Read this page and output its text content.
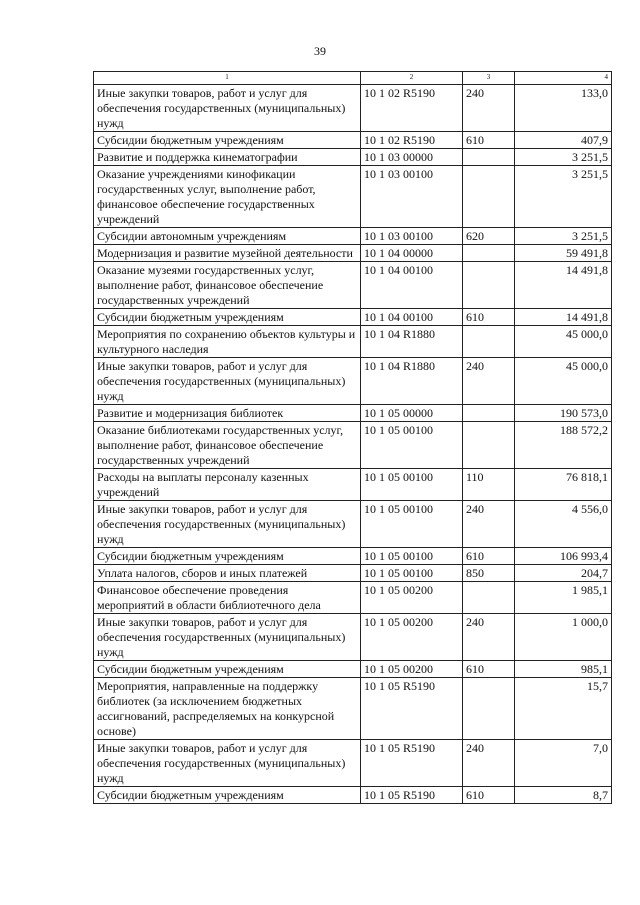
39
1	2	3	4
Иные закупки товаров, работ и услуг для обеспечения государственных (муниципальных) нужд	10 1 02 R5190	240	133,0
Субсидии бюджетным учреждениям	10 1 02 R5190	610	407,9
Развитие и поддержка кинематографии	10 1 03 00000		3 251,5
Оказание учреждениями кинофикации государственных услуг, выполнение работ, финансовое обеспечение государственных учреждений	10 1 03 00100		3 251,5
Субсидии автономным учреждениям	10 1 03 00100	620	3 251,5
Модернизация и развитие музейной деятельности	10 1 04 00000		59 491,8
Оказание музеями государственных услуг, выполнение работ, финансовое обеспечение государственных учреждений	10 1 04 00100		14 491,8
Субсидии бюджетным учреждениям	10 1 04 00100	610	14 491,8
Мероприятия по сохранению объектов культуры и культурного наследия	10 1 04 R1880		45 000,0
Иные закупки товаров, работ и услуг для обеспечения государственных (муниципальных) нужд	10 1 04 R1880	240	45 000,0
Развитие и модернизация библиотек	10 1 05 00000		190 573,0
Оказание библиотеками государственных услуг, выполнение работ, финансовое обеспечение государственных учреждений	10 1 05 00100		188 572,2
Расходы на выплаты персоналу казенных учреждений	10 1 05 00100	110	76 818,1
Иные закупки товаров, работ и услуг для обеспечения государственных (муниципальных) нужд	10 1 05 00100	240	4 556,0
Субсидии бюджетным учреждениям	10 1 05 00100	610	106 993,4
Уплата налогов, сборов и иных платежей	10 1 05 00100	850	204,7
Финансовое обеспечение проведения мероприятий в области библиотечного дела	10 1 05 00200		1 985,1
Иные закупки товаров, работ и услуг для обеспечения государственных (муниципальных) нужд	10 1 05 00200	240	1 000,0
Субсидии бюджетным учреждениям	10 1 05 00200	610	985,1
Мероприятия, направленные на поддержку библиотек (за исключением бюджетных ассигнований, распределяемых на конкурсной основе)	10 1 05 R5190		15,7
Иные закупки товаров, работ и услуг для обеспечения государственных (муниципальных) нужд	10 1 05 R5190	240	7,0
Субсидии бюджетным учреждениям	10 1 05 R5190	610	8,7
